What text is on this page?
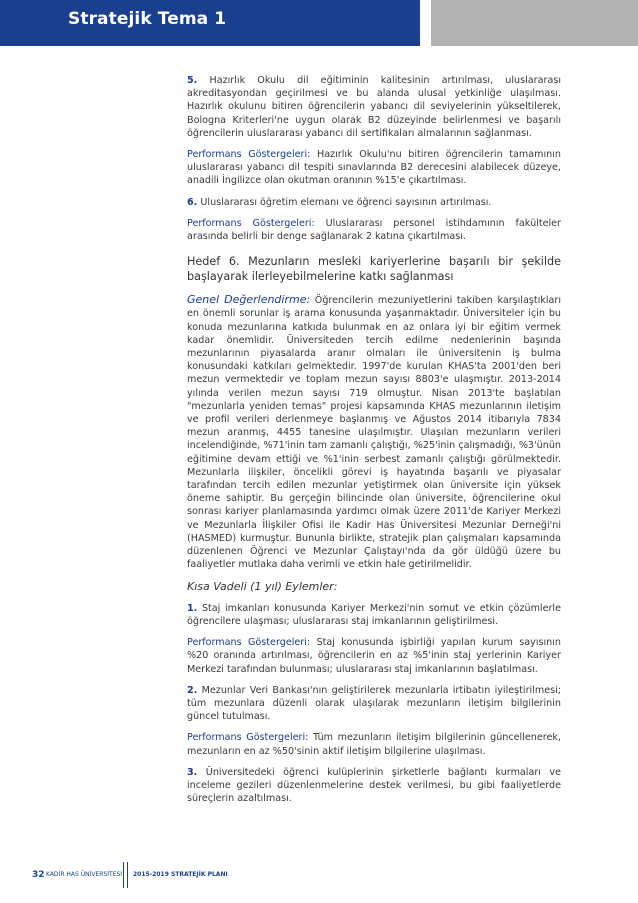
Stratejik Tema 1

5. Hazırlık Okulu dil eğitiminin kalitesinin artırılması, uluslararası akreditasyondan geçirilmesi ve bu alanda ulusal yetkinliğe ulaşılması. Hazırlık okulunu bitiren öğrencilerin yabancı dil seviyelerinin yükseltilerek, Bologna Kriterleri'ne uygun olarak B2 düzeyinde belirlenmesi ve başarılı öğrencilerin uluslararası yabancı dil sertifikaları almalarının sağlanması.

Performans Göstergeleri: Hazırlık Okulu'nu bitiren öğrencilerin tamamının uluslararası yabancı dil tespiti sınavlarında B2 derecesini alabilecek düzeye, anadili İngilizce olan okutman oranının %15'e çıkartılması.

6. Uluslararası öğretim elemanı ve öğrenci sayısının artırılması.

Performans Göstergeleri: Uluslararası personel istihdamının fakülteler arasında belirli bir denge sağlanarak 2 katına çıkartılması.

Hedef 6. Mezunların mesleki kariyerlerine başarılı bir şekilde başlayarak ilerleyebilmelerine katkı sağlanması

Genel Değerlendirme: Öğrencilerin mezuniyetlerini takiben karşılaştıkları en önemli sorunlar iş arama konusunda yaşanmaktadır. Üniversiteler için bu konuda mezunlarına katkıda bulunmak en az onlara iyi bir eğitim vermek kadar önemlidir. Üniversiteden tercih edilme nedenlerinin başında mezunlarının piyasalarda aranır olmaları ile üniversitenin iş bulma konusundaki katkıları gelmektedir. 1997'de kurulan KHAS'ta 2001'den beri mezun vermektedir ve toplam mezun sayısı 8803'e ulaşmıştır. 2013-2014 yılında verilen mezun sayısı 719 olmuştur. Nisan 2013'te başlatılan "mezunlarla yeniden temas" projesi kapsamında KHAS mezunlarının iletişim ve profil verileri derlenmeye başlanmış ve Ağustos 2014 itibarıyla 7834 mezun aranmış, 4455 tanesine ulaşılmıştır. Ulaşılan mezunların verileri incelendiğinde, %71'inin tam zamanlı çalıştığı, %25'inin çalışmadığı, %3'ünün eğitimine devam ettiği ve %1'inin serbest zamanlı çalıştığı görülmektedir. Mezunlarla ilişkiler, öncelikli görevi iş hayatında başarılı ve piyasalar tarafından tercih edilen mezunlar yetiştirmek olan üniversite için yüksek öneme sahiptir. Bu gerçeğin bilincinde olan üniversite, öğrencilerine okul sonrası kariyer planlamasında yardımcı olmak üzere 2011'de Kariyer Merkezi ve Mezunlarla İlişkiler Ofisi ile Kadir Has Üniversitesi Mezunlar Derneği'ni (HASMED) kurmuştur. Bununla birlikte, stratejik plan çalışmaları kapsamında düzenlenen Öğrenci ve Mezunlar Çalıştayı'nda da gör üldüğü üzere bu faaliyetler mutlaka daha verimli ve etkin hale getirilmelidir.

Kısa Vadeli (1 yıl) Eylemler:

1. Staj imkanları konusunda Kariyer Merkezi'nin somut ve etkin çözümlerle öğrencilere ulaşması; uluslararası staj imkanlarının geliştirilmesi.

Performans Göstergeleri: Staj konusunda işbirliği yapılan kurum sayısının %20 oranında artırılması, öğrencilerin en az %5'inin staj yerlerinin Kariyer Merkezi tarafından bulunması; uluslararası staj imkanlarının başlatılması.

2. Mezunlar Veri Bankası'nın geliştirilerek mezunlarla irtibatın iyileştirilmesi; tüm mezunlara düzenli olarak ulaşılarak mezunların iletişim bilgilerinin güncel tutulması.

Performans Göstergeleri: Tüm mezunların iletişim bilgilerinin güncellenerek, mezunların en az %50'sinin aktif iletişim bilgilerine ulaşılması.

3. Üniversitedeki öğrenci kulüplerinin şirketlerle bağlantı kurmaları ve inceleme gezileri düzenlenmelerine destek verilmesi, bu gibi faaliyetlerde süreçlerin azaltılması.

32 KADİR HAS ÜNİVERSİTESİ 2015-2019 STRATEJİK PLANI
